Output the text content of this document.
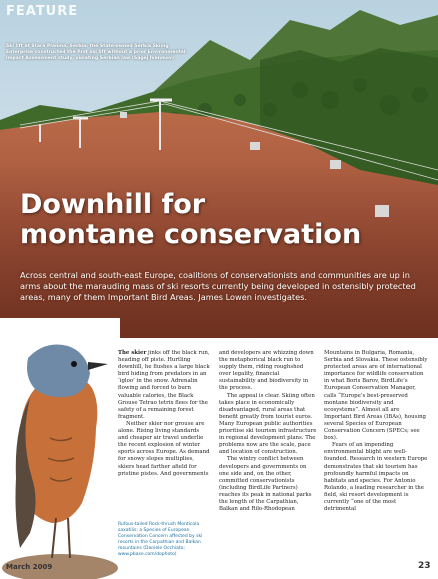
FEATURE
Ski lift at Stara Planina, Serbia: the State-owned Serbia Skiing Enterprise constructed the first ski lift without a prior Environmental Impact Assessment study, violating Serbian law (Sagej Ivanmov)
Downhill for
montane conservation
Across central and south-east Europe, coalitions of conservationists and communities are up in arms about the marauding mass of ski resorts currently being developed in ostensibly protected areas, many of them Important Bird Areas. James Lowen investigates.

The skier jinks off the black run, heading off piste. Hurtling downhill, he flushes a large black bird hiding from predators in an ‘igloo’ in the snow. Adrenalin flowing and forced to burn valuable calories, the Black Grouse Tetrao tetrix flees for the safety of a remaining forest fragment.

Neither skier nor grouse are alone. Rising living standards and cheaper air travel underlie the recent explosion of winter sports across Europe. As demand for snowy slopes multiplies, skiers head farther afield for pristine pistes. And governments

Rufous-tailed Rock-thrush Monticola saxatilis: a Species of European Conservation Concern affected by ski resorts in the Carpathian and Balkan mountains (Daniele Occhiato; www.pbase.com/dophoto)

and developers are whizzing down the metaphorical black run to supply them, riding roughshod over legality, financial sustainability and biodiversity in the process.

The appeal is clear. Skiing often takes place in economically disadvantaged, rural areas that benefit greatly from tourist euros. Many European public authorities prioritise ski tourism infrastructure in regional development plans. The problems now are the scale, pace and location of construction.

The wintry conflict between developers and governments on one side and, on the other, committed conservationists (including BirdLife Partners) reaches its peak in national parks the length of the Carpathian, Balkan and Rilo-Rhodopean

Mountains in Bulgaria, Romania, Serbia and Slovakia. These ostensibly protected areas are of international importance for wildlife conservation in what Boris Barov, BirdLife’s European Conservation Manager, calls “Europe’s best-preserved montane biodiversity and ecosystems”. Almost all are Important Bird Areas (IBAs), housing several Species of European Conservation Concern (SPECs; see box).

Fears of an impending environmental blight are well-founded. Research in western Europe demonstrates that ski tourism has profoundly harmful impacts on habitats and species. For Antonio Rolando, a leading researcher in the field, ski resort development is currently “one of the most detrimental

March 2009	23
